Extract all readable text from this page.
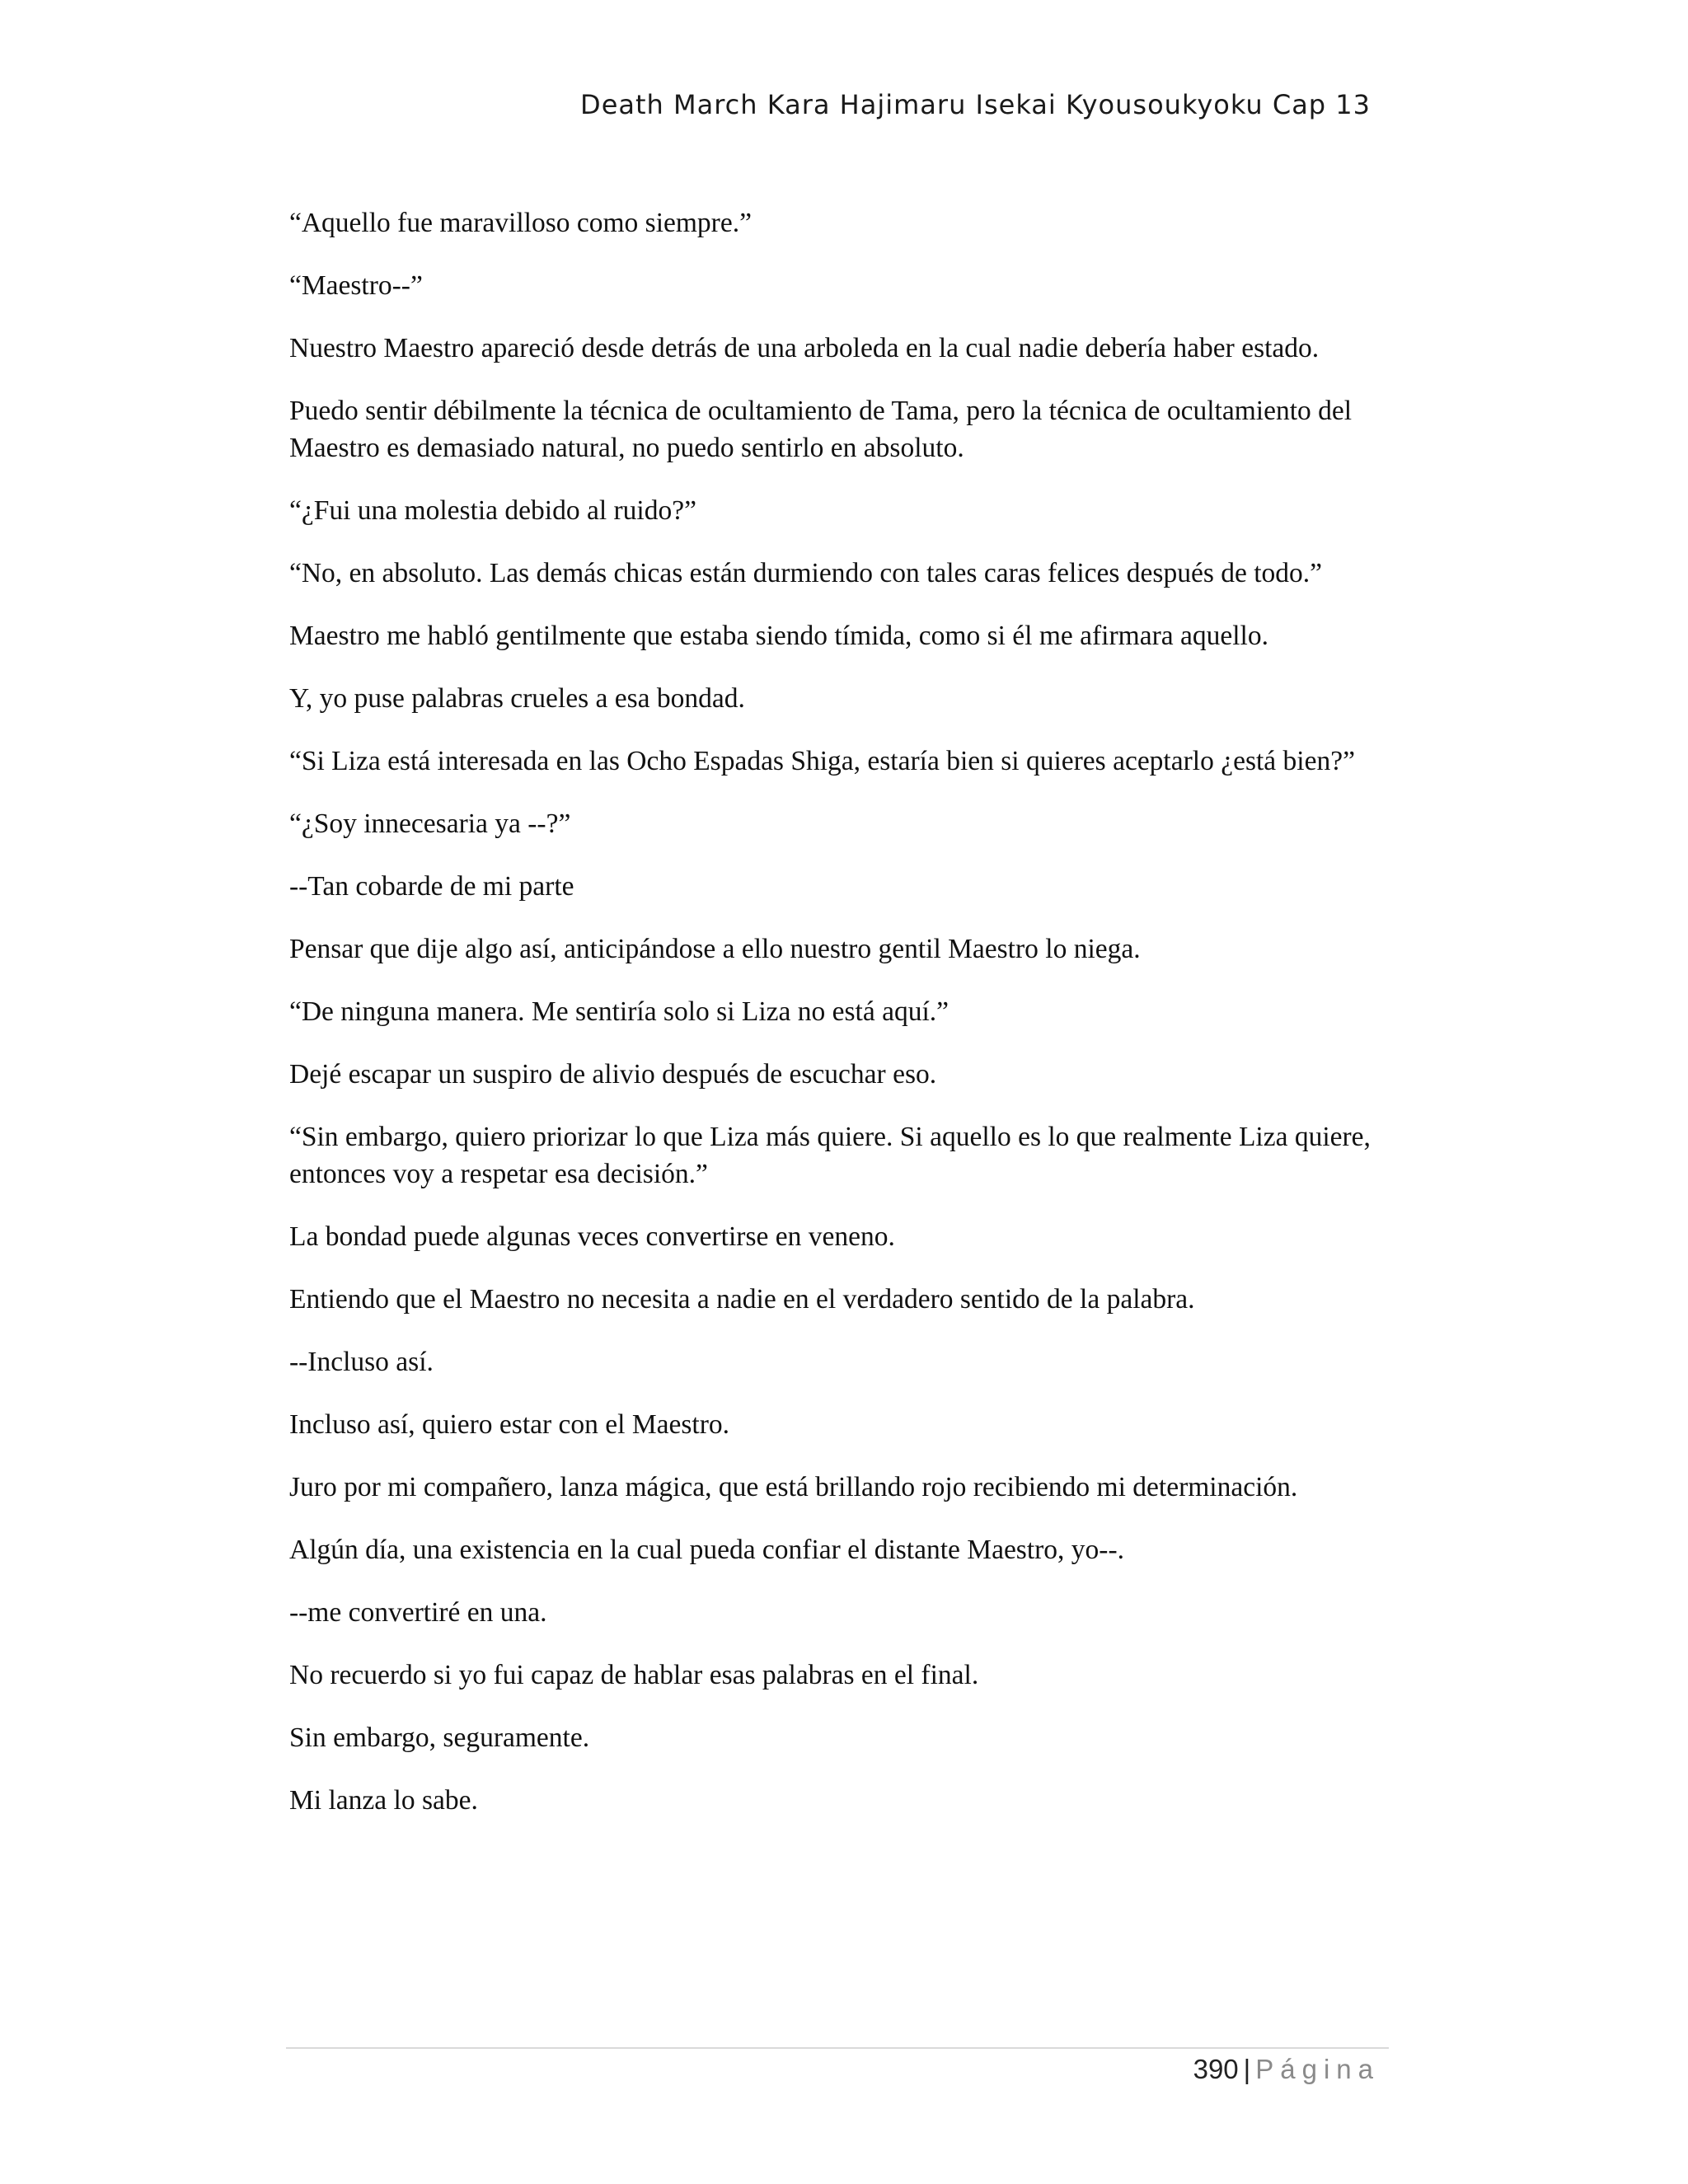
Death March Kara Hajimaru Isekai Kyousoukyoku Cap 13

“Aquello fue maravilloso como siempre.”

“Maestro--”

Nuestro Maestro apareció desde detrás de una arboleda en la cual nadie debería haber estado.

Puedo sentir débilmente la técnica de ocultamiento de Tama, pero la técnica de ocultamiento del Maestro es demasiado natural, no puedo sentirlo en absoluto.

“¿Fui una molestia debido al ruido?”

“No, en absoluto. Las demás chicas están durmiendo con tales caras felices después de todo.”

Maestro me habló gentilmente que estaba siendo tímida, como si él me afirmara aquello.

Y, yo puse palabras crueles a esa bondad.

“Si Liza está interesada en las Ocho Espadas Shiga, estaría bien si quieres aceptarlo ¿está bien?”

“¿Soy innecesaria ya --?”

--Tan cobarde de mi parte

Pensar que dije algo así, anticipándose a ello nuestro gentil Maestro lo niega.

“De ninguna manera. Me sentiría solo si Liza no está aquí.”

Dejé escapar un suspiro de alivio después de escuchar eso.

“Sin embargo, quiero priorizar lo que Liza más quiere. Si aquello es lo que realmente Liza quiere, entonces voy a respetar esa decisión.”

La bondad puede algunas veces convertirse en veneno.

Entiendo que el Maestro no necesita a nadie en el verdadero sentido de la palabra.

--Incluso así.

Incluso así, quiero estar con el Maestro.

Juro por mi compañero, lanza mágica, que está brillando rojo recibiendo mi determinación.

Algún día, una existencia en la cual pueda confiar el distante Maestro, yo--.

--me convertiré en una.

No recuerdo si yo fui capaz de hablar esas palabras en el final.

Sin embargo, seguramente.

Mi lanza lo sabe.

390 | Página
